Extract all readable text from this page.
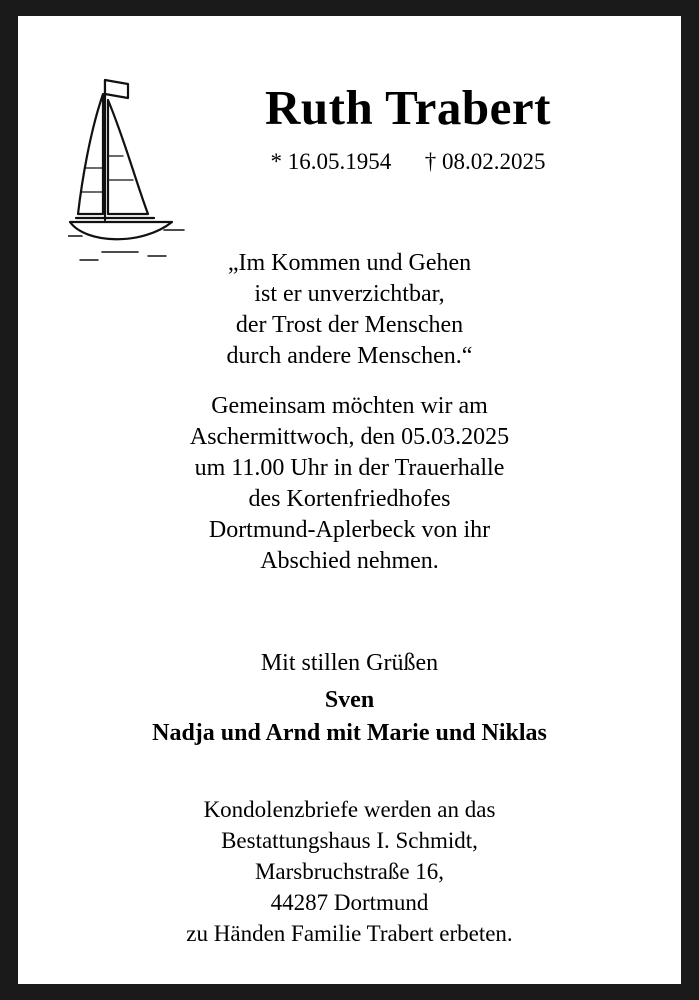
Ruth Trabert
* 16.05.1954 † 08.02.2025
„Im Kommen und Gehen
ist er unverzichtbar,
der Trost der Menschen
durch andere Menschen.“
Gemeinsam möchten wir am
Aschermittwoch, den 05.03.2025
um 11.00 Uhr in der Trauerhalle
des Kortenfriedhofes
Dortmund-Aplerbeck von ihr
Abschied nehmen.
Mit stillen Grüßen
Sven
Nadja und Arnd mit Marie und Niklas
Kondolenzbriefe werden an das
Bestattungshaus I. Schmidt,
Marsbruchstraße 16,
44287 Dortmund
zu Händen Familie Trabert erbeten.
